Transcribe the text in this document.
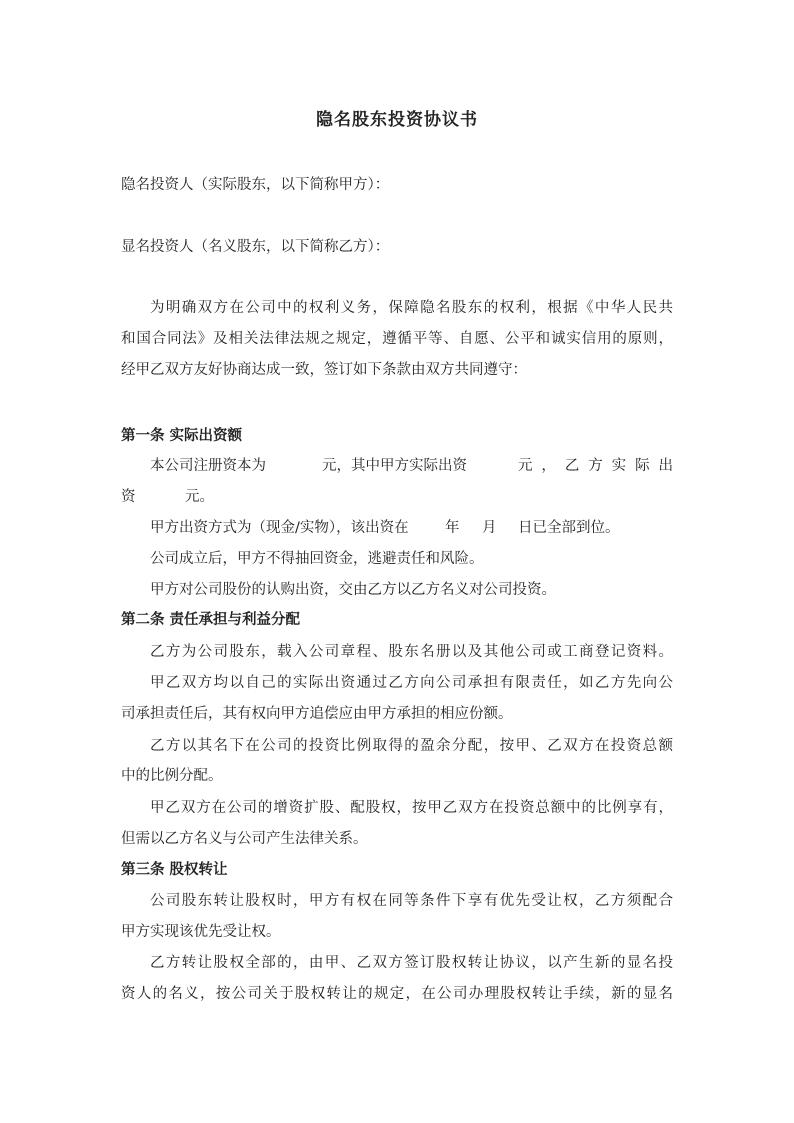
隐名股东投资协议书
隐名投资人（实际股东，以下简称甲方）：
显名投资人（名义股东，以下简称乙方）：
为明确双方在公司中的权利义务，保障隐名股东的权利，根据《中华人民共
和国合同法》及相关法律法规之规定，遵循平等、自愿、公平和诚实信用的原则，
经甲乙双方友好协商达成一致，签订如下条款由双方共同遵守：
第一条 实际出资额
本公司注册资本为	元，其中甲方实际出资	元，乙方实际出
资	元。
甲方出资方式为（现金/实物），该出资在	年 月 日已全部到位。
公司成立后，甲方不得抽回资金，逃避责任和风险。
甲方对公司股份的认购出资，交由乙方以乙方名义对公司投资。
第二条 责任承担与利益分配
乙方为公司股东，载入公司章程、股东名册以及其他公司或工商登记资料。
甲乙双方均以自己的实际出资通过乙方向公司承担有限责任，如乙方先向公
司承担责任后，其有权向甲方追偿应由甲方承担的相应份额。
乙方以其名下在公司的投资比例取得的盈余分配，按甲、乙双方在投资总额
中的比例分配。
甲乙双方在公司的增资扩股、配股权，按甲乙双方在投资总额中的比例享有，
但需以乙方名义与公司产生法律关系。
第三条 股权转让
公司股东转让股权时，甲方有权在同等条件下享有优先受让权，乙方须配合
甲方实现该优先受让权。
乙方转让股权全部的，由甲、乙双方签订股权转让协议，以产生新的显名投
资人的名义，按公司关于股权转让的规定，在公司办理股权转让手续，新的显名
